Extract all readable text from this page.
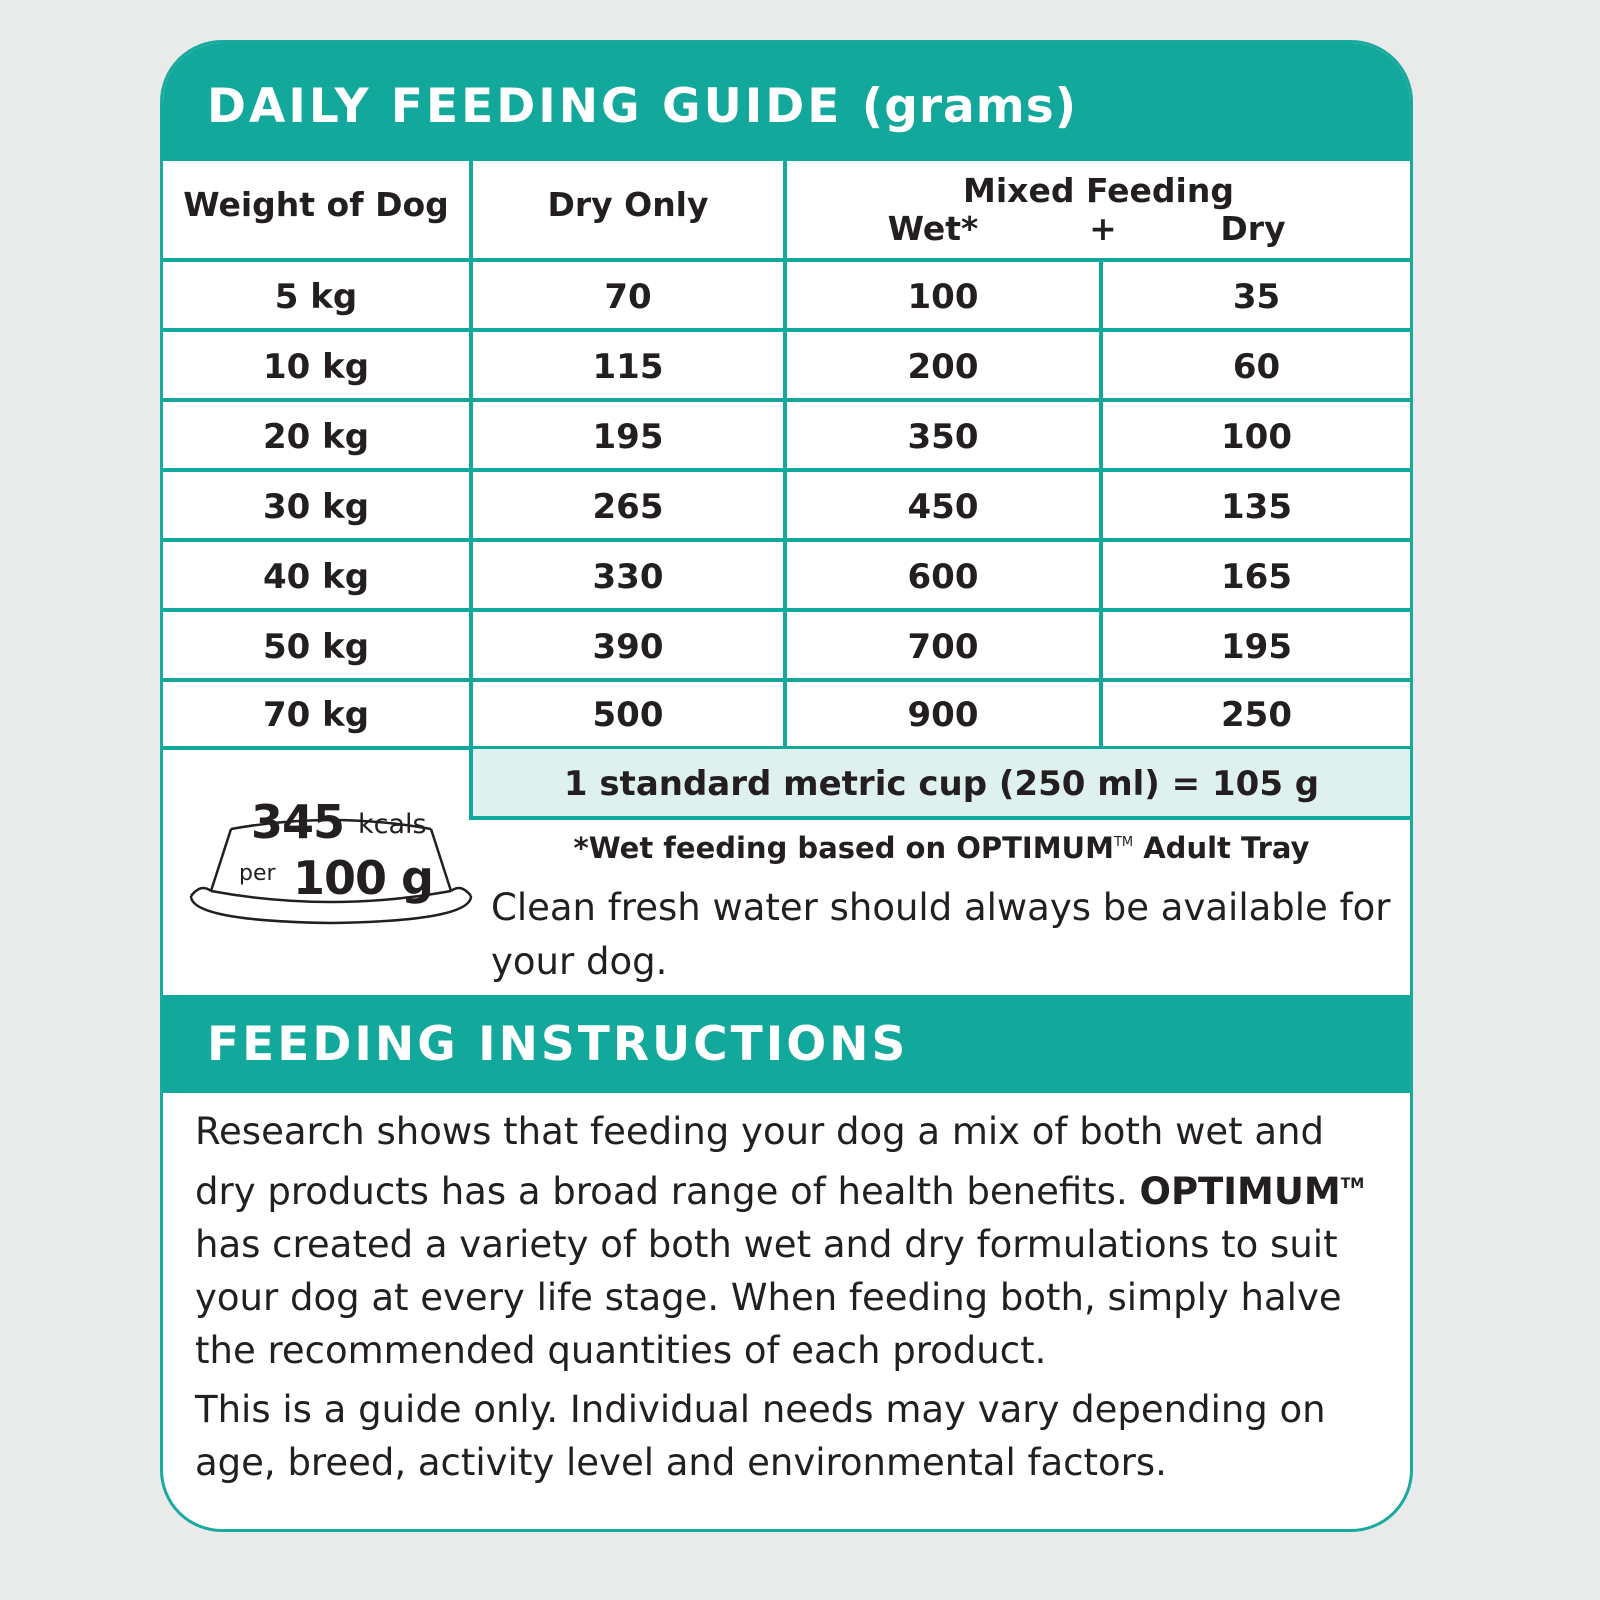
DAILY FEEDING GUIDE (grams)
Weight of Dog	Dry Only	Mixed Feeding
Wet*	+	Dry
5 kg	70	100	35
10 kg	115	200	60
20 kg	195	350	100
30 kg	265	450	135
40 kg	330	600	165
50 kg	390	700	195
70 kg	500	900	250
1 standard metric cup (250 ml) = 105 g
345 kcals
per 100 g
*Wet feeding based on OPTIMUM™ Adult Tray
Clean fresh water should always be available for your dog.
FEEDING INSTRUCTIONS

Research shows that feeding your dog a mix of both wet and dry products has a broad range of health benefits. OPTIMUM™ has created a variety of both wet and dry formulations to suit your dog at every life stage. When feeding both, simply halve the recommended quantities of each product.

This is a guide only. Individual needs may vary depending on age, breed, activity level and environmental factors.
